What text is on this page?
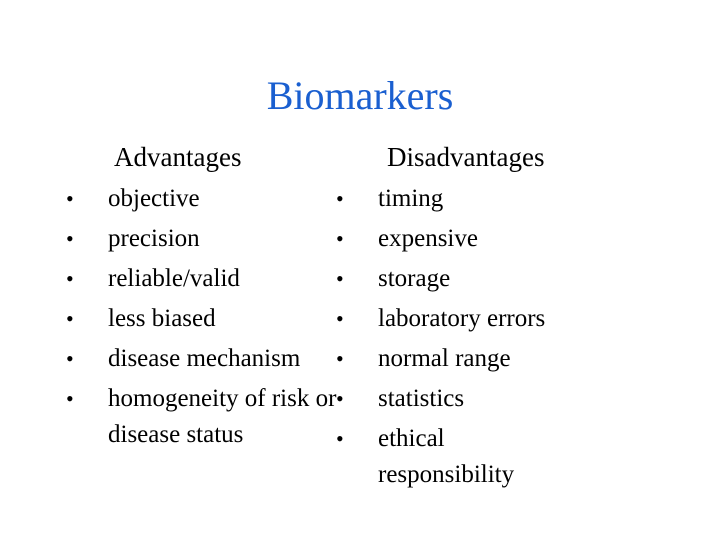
Biomarkers
Advantages	Disadvantages
•	objective
•	precision
•	reliable/valid
•	less biased
•	disease mechanism
•	homogeneity of risk or disease status
•	timing
•	expensive
•	storage
•	laboratory errors
•	normal range
•	statistics
•	ethical responsibility
